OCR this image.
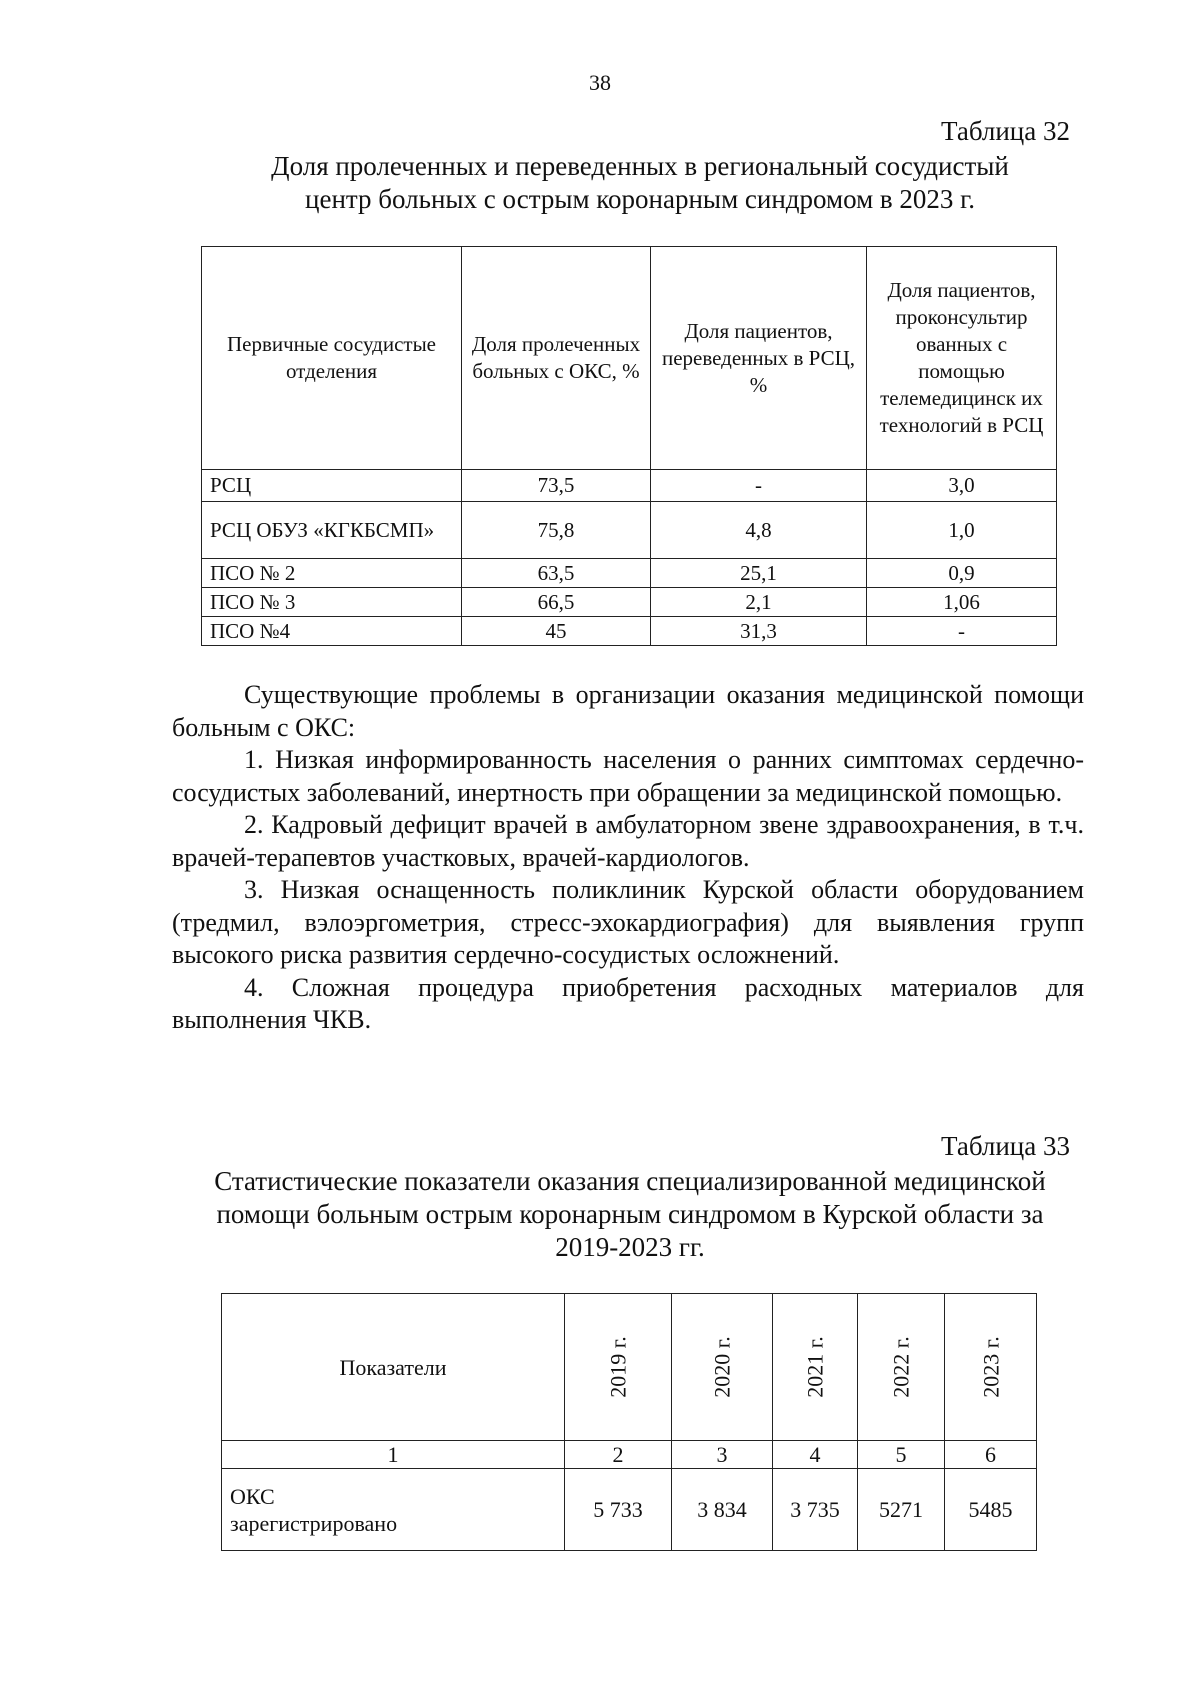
38
Таблица 32
Доля пролеченных и переведенных в региональный сосудистый
центр больных с острым коронарным синдромом в 2023 г.
Первичные сосудистые отделения	Доля пролеченных больных с ОКС, %	Доля пациентов, переведенных в РСЦ, %	Доля пациентов, проконсультир ованных с помощью телемедицинск их технологий в РСЦ
РСЦ	73,5	-	3,0
РСЦ ОБУЗ «КГКБСМП»	75,8	4,8	1,0
ПСО № 2	63,5	25,1	0,9
ПСО № 3	66,5	2,1	1,06
ПСО №4	45	31,3	-

Существующие проблемы в организации оказания медицинской помощи больным с ОКС:

1. Низкая информированность населения о ранних симптомах сердечно-сосудистых заболеваний, инертность при обращении за медицинской помощью.

2. Кадровый дефицит врачей в амбулаторном звене здравоохранения, в т.ч. врачей-терапевтов участковых, врачей-кардиологов.

3. Низкая оснащенность поликлиник Курской области оборудованием (тредмил, вэлоэргометрия, стресс-эхокардиография) для выявления групп высокого риска развития сердечно-сосудистых осложнений.

4. Сложная процедура приобретения расходных материалов для выполнения ЧКВ.

Таблица 33
Статистические показатели оказания специализированной медицинской
помощи больным острым коронарным синдромом в Курской области за
2019-2023 гг.
Показатели	2019 г.	2020 г.	2021 г.	2022 г.	2023 г.

1	2	3	4	5	6

ОКС зарегистрировано	5 733	3 834	3 735	5271	5485
